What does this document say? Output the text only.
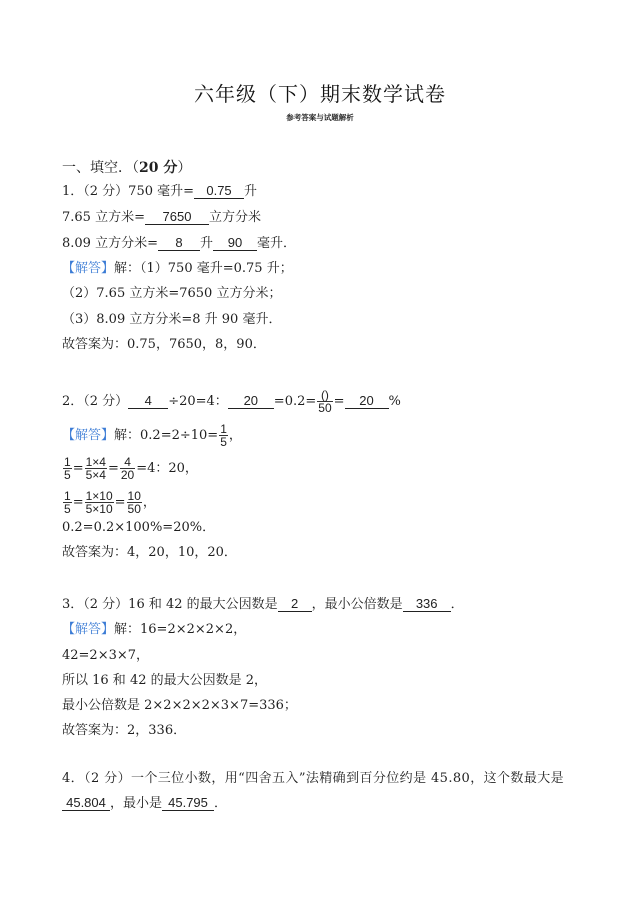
六年级（下）期末数学试卷
参考答案与试题解析
一、填空．（20 分）
1．（2 分）750 毫升= 0.75 升
7.65 立方米= 7650 立方分米
8.09 立方分米= 8 升 90 毫升．
【解答】解：（1）750 毫升=0.75 升；
（2）7.65 立方米=7650 立方分米；
（3）8.09 立方分米=8 升 90 毫升．
故答案为：0.75，7650，8，90．
2．（2 分） 4 ÷20=4： $20 =0.2= \frac{()}{50} = 20$ %
【解答】解：$0.2=2\div 10= \frac{1}{5}$ ，
$\frac{1}{5} = \frac{1\times 4}{5\times 4} = \frac{4}{20} =4$：20，
$\frac{1}{5} = \frac{1\times 10}{5\times 10} = \frac{10}{50}$ ，
0.2=0.2×100%=20%．
故答案为：4，20，10，20．
3．（2 分）16 和 42 的最大公因数是 2 ，最小公倍数是 336 ．
【解答】解：16=2×2×2×2，
42=2×3×7，
所以 16 和 42 的最大公因数是 2，
最小公倍数是 2×2×2×2×3×7=336；
故答案为：2，336．
4．（2 分）一个三位小数，用“四舍五入”法精确到百分位约是 45.80，这个数最大是
45.804 ，最小是 45.795 ．
